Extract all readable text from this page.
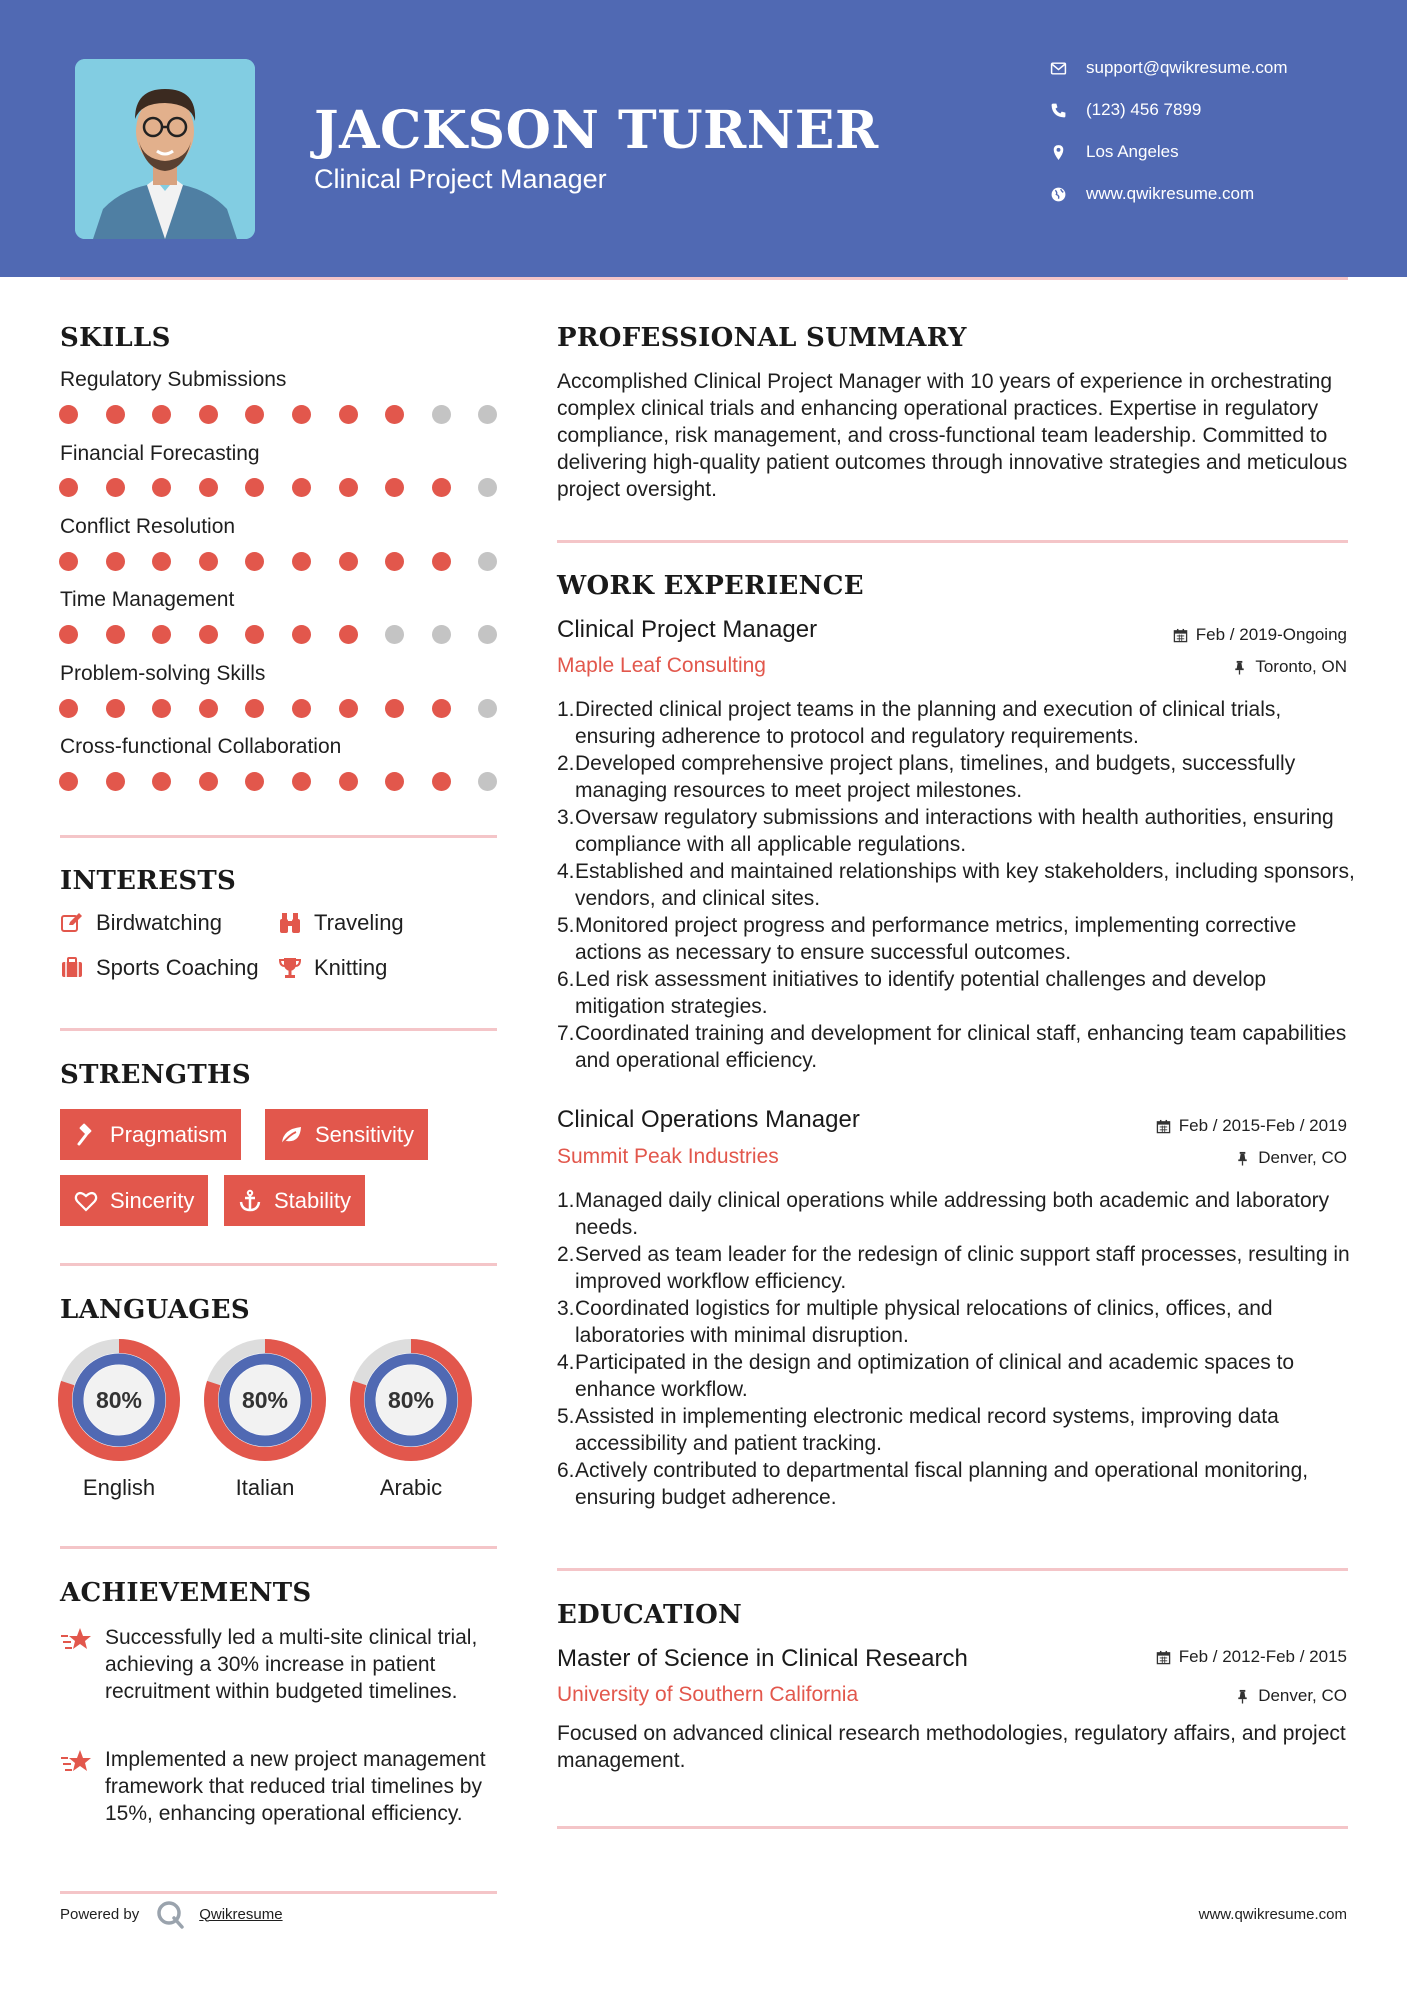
JACKSON TURNER
Clinical Project Manager
support@qwikresume.com
(123) 456 7899
Los Angeles
www.qwikresume.com
SKILLS
Regulatory Submissions
Financial Forecasting
Conflict Resolution
Time Management
Problem-solving Skills
Cross-functional Collaboration
INTERESTS
Birdwatching	Traveling
Sports Coaching	Knitting
STRENGTHS
Pragmatism	Sensitivity
Sincerity	Stability
LANGUAGES
80%	80%	80%
English	Italian	Arabic
ACHIEVEMENTS
Successfully led a multi-site clinical trial, achieving a 30% increase in patient recruitment within budgeted timelines.
Implemented a new project management framework that reduced trial timelines by 15%, enhancing operational efficiency.
PROFESSIONAL SUMMARY
Accomplished Clinical Project Manager with 10 years of experience in orchestrating complex clinical trials and enhancing operational practices. Expertise in regulatory compliance, risk management, and cross-functional team leadership. Committed to delivering high-quality patient outcomes through innovative strategies and meticulous project oversight.
WORK EXPERIENCE
Clinical Project Manager	Feb / 2019-Ongoing
Maple Leaf Consulting	Toronto, ON
1. Directed clinical project teams in the planning and execution of clinical trials, ensuring adherence to protocol and regulatory requirements.
2. Developed comprehensive project plans, timelines, and budgets, successfully managing resources to meet project milestones.
3. Oversaw regulatory submissions and interactions with health authorities, ensuring compliance with all applicable regulations.
4. Established and maintained relationships with key stakeholders, including sponsors, vendors, and clinical sites.
5. Monitored project progress and performance metrics, implementing corrective actions as necessary to ensure successful outcomes.
6. Led risk assessment initiatives to identify potential challenges and develop mitigation strategies.
7. Coordinated training and development for clinical staff, enhancing team capabilities and operational efficiency.
Clinical Operations Manager	Feb / 2015-Feb / 2019
Summit Peak Industries	Denver, CO
1. Managed daily clinical operations while addressing both academic and laboratory needs.
2. Served as team leader for the redesign of clinic support staff processes, resulting in improved workflow efficiency.
3. Coordinated logistics for multiple physical relocations of clinics, offices, and laboratories with minimal disruption.
4. Participated in the design and optimization of clinical and academic spaces to enhance workflow.
5. Assisted in implementing electronic medical record systems, improving data accessibility and patient tracking.
6. Actively contributed to departmental fiscal planning and operational monitoring, ensuring budget adherence.
EDUCATION
Master of Science in Clinical Research	Feb / 2012-Feb / 2015
University of Southern California	Denver, CO
Focused on advanced clinical research methodologies, regulatory affairs, and project management.
Powered by	Qwikresume	www.qwikresume.com
